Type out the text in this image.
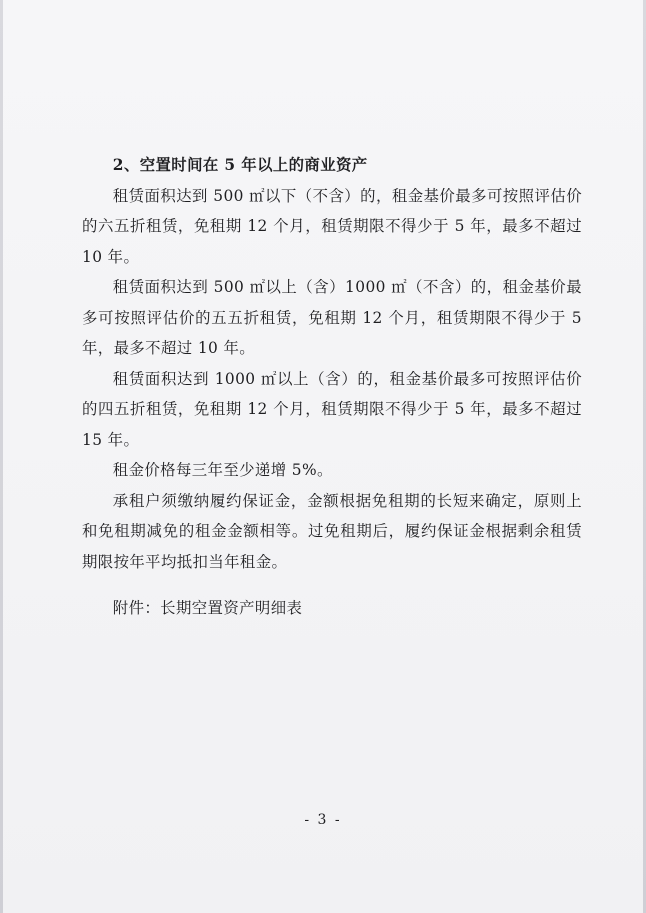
2、空置时间在 5 年以上的商业资产

租赁面积达到 500 ㎡以下（不含）的，租金基价最多可按照评估价的六五折租赁，免租期 12 个月，租赁期限不得少于 5 年，最多不超过 10 年。

租赁面积达到 500 ㎡以上（含）1000 ㎡（不含）的，租金基价最多可按照评估价的五五折租赁，免租期 12 个月，租赁期限不得少于 5 年，最多不超过 10 年。

租赁面积达到 1000 ㎡以上（含）的，租金基价最多可按照评估价的四五折租赁，免租期 12 个月，租赁期限不得少于 5 年，最多不超过 15 年。

租金价格每三年至少递增 5%。

承租户须缴纳履约保证金，金额根据免租期的长短来确定，原则上和免租期减免的租金金额相等。过免租期后，履约保证金根据剩余租赁期限按年平均抵扣当年租金。

附件：长期空置资产明细表
- 3 -
